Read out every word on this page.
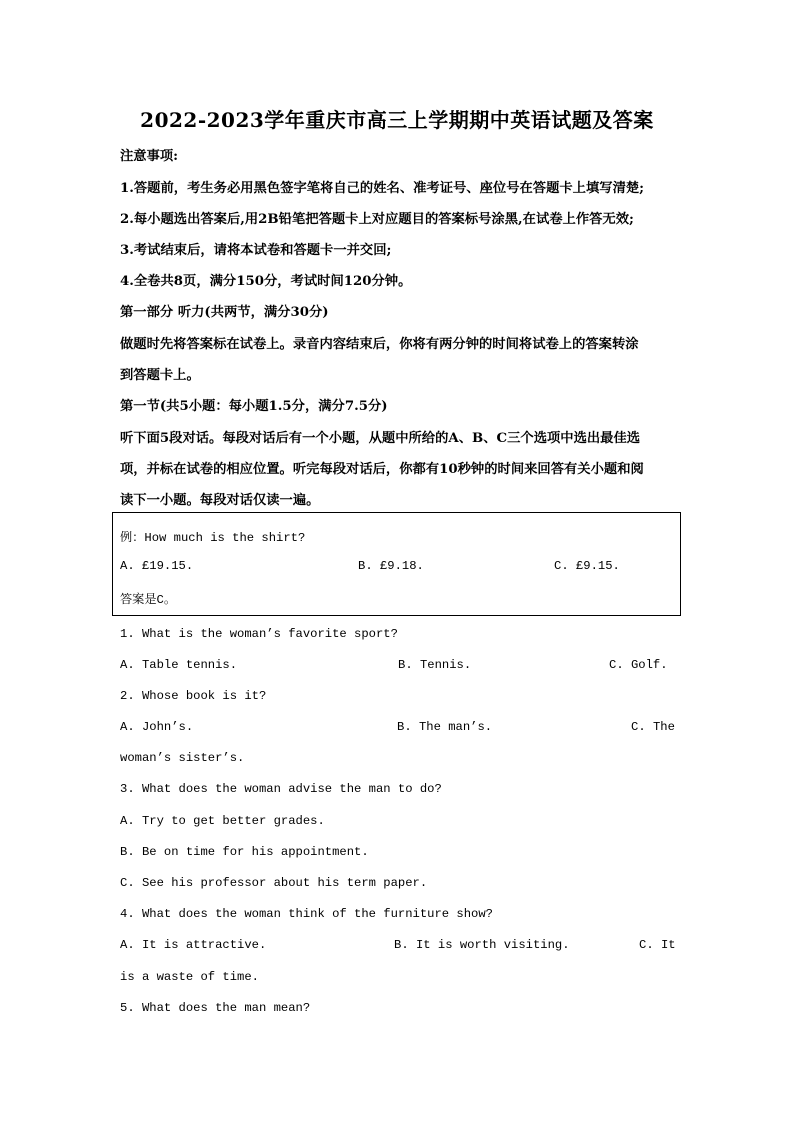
2022-2023学年重庆市高三上学期期中英语试题及答案
注意事项:
1.答题前，考生务必用黑色签字笔将自己的姓名、准考证号、座位号在答题卡上填写清楚;
2.每小题选出答案后,用2B铅笔把答题卡上对应题目的答案标号涂黑,在试卷上作答无效;
3.考试结束后，请将本试卷和答题卡一并交回;
4.全卷共8页，满分150分，考试时间120分钟。
第一部分 听力(共两节，满分30分)
做题时先将答案标在试卷上。录音内容结束后，你将有两分钟的时间将试卷上的答案转涂
到答题卡上。
第一节(共5小题：每小题1.5分，满分7.5分)
听下面5段对话。每段对话后有一个小题，从题中所给的A、B、C三个选项中选出最佳选
项，并标在试卷的相应位置。听完每段对话后，你都有10秒钟的时间来回答有关小题和阅
读下一小题。每段对话仅读一遍。
例：How much is the shirt?
A. £19.15.	B. £9.18.	C. £9.15.
答案是C。
1. What is the woman’s favorite sport?
A. Table tennis.	B. Tennis.	C. Golf.
2. Whose book is it?
A. John’s.	B. The man’s.	C. The
woman’s sister’s.
3. What does the woman advise the man to do?
A. Try to get better grades.
B. Be on time for his appointment.
C. See his professor about his term paper.
4. What does the woman think of the furniture show?
A. It is attractive.	B. It is worth visiting.	C. It
is a waste of time.
5. What does the man mean?
